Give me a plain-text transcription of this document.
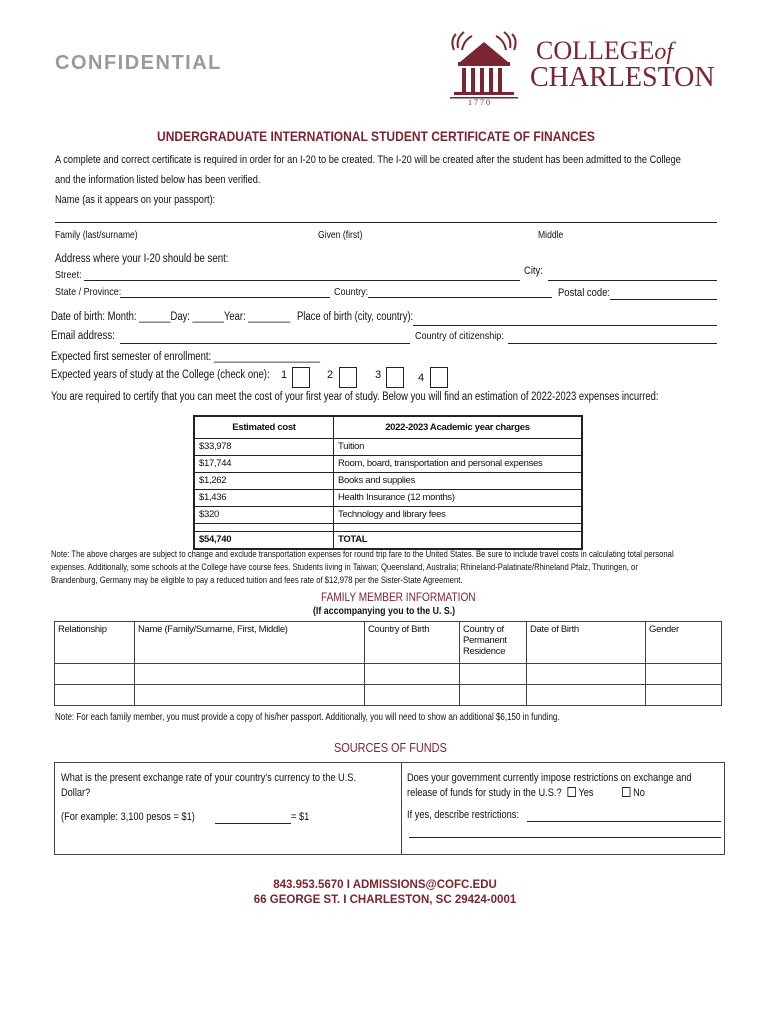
CONFIDENTIAL
1 7 7 0
COLLEGEof
CHARLESTON
UNDERGRADUATE INTERNATIONAL STUDENT CERTIFICATE OF FINANCES
A complete and correct certificate is required in order for an I-20 to be created. The I-20 will be created after the student has been admitted to the College
and the information listed below has been verified.
Name (as it appears on your passport):
Family (last/surname)	Given (first)	Middle
Address where your I-20 should be sent:
Street:	City:
State / Province:	Country:	Postal code:
Date of birth: Month: ______Day: ______Year: ________ Place of birth (city, country):
Email address:	Country of citizenship:
Expected first semester of enrollment: ____________________
Expected years of study at the College (check one): 1	2	3	4
You are required to certify that you can meet the cost of your first year of study. Below you will find an estimation of 2022-2023 expenses incurred:
Estimated cost	2022-2023 Academic year charges
$33,978	Tuition
$17,744	Room, board, transportation and personal expenses
$1,262	Books and supplies
$1,436	Health Insurance (12 months)
$320	Technology and library fees

$54,740	TOTAL
Note: The above charges are subject to change and exclude transportation expenses for round trip fare to the United States. Be sure to include travel costs in calculating total personal
expenses. Additionally, some schools at the College have course fees. Students living in Taiwan; Queensland, Australia; Rhineland-Palatinate/Rhineland Pfalz, Thuringen, or
Brandenburg, Germany may be eligible to pay a reduced tuition and fees rate of $12,978 per the Sister-State Agreement.
FAMILY MEMBER INFORMATION
(If accompanying you to the U. S.)
Relationship	Name (Family/Surname, First, Middle)	Country of Birth	Country of Permanent Residence	Date of Birth	Gender

Note: For each family member, you must provide a copy of his/her passport. Additionally, you will need to show an additional $6,150 in funding.
SOURCES OF FUNDS
What is the present exchange rate of your country's currency to the U.S. Dollar?
(For example: 3,100 pesos = $1)	= $1
Does your government currently impose restrictions on exchange and release of funds for study in the U.S.? Yes	No
If yes, describe restrictions:
843.953.5670 I ADMISSIONS@COFC.EDU
66 GEORGE ST. I CHARLESTON, SC 29424-0001
